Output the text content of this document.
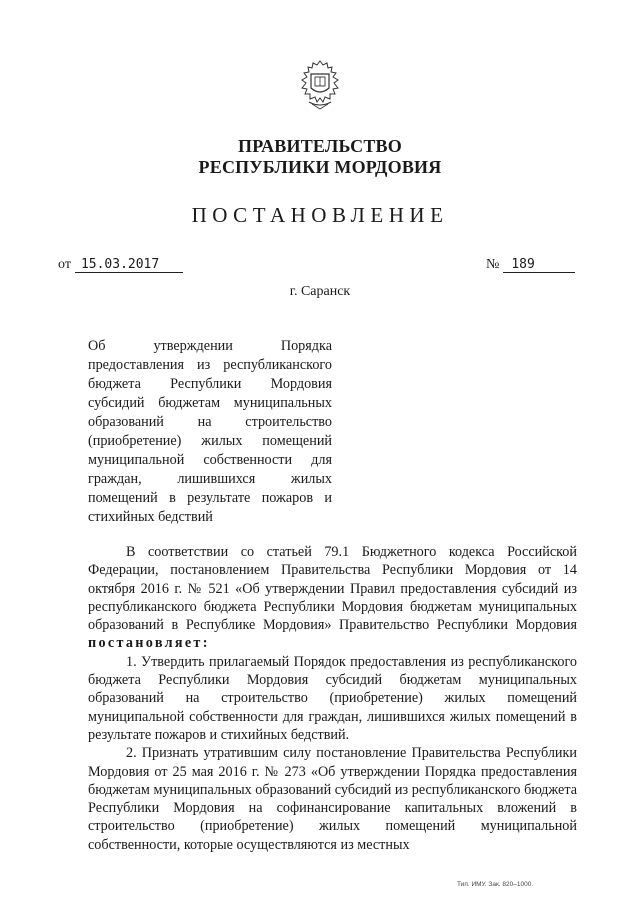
ПРАВИТЕЛЬСТВО
РЕСПУБЛИКИ МОРДОВИЯ
ПОСТАНОВЛЕНИЕ
от 15.03.2017	№ 189
г. Саранск
Об утверждении Порядка предоставления из республиканского бюджета Республики Мордовия субсидий бюджетам муниципальных образований на строительство (приобретение) жилых помещений муниципальной собственности для граждан, лишившихся жилых помещений в результате пожаров и стихийных бедствий

В соответствии со статьей 79.1 Бюджетного кодекса Российской Федерации, постановлением Правительства Республики Мордовия от 14 октября 2016 г. № 521 «Об утверждении Правил предоставления субсидий из республиканского бюджета Республики Мордовия бюджетам муниципальных образований в Республике Мордовия» Правительство Республики Мордовия постановляет:

1. Утвердить прилагаемый Порядок предоставления из республиканского бюджета Республики Мордовия субсидий бюджетам муниципальных образований на строительство (приобретение) жилых помещений муниципальной собственности для граждан, лишившихся жилых помещений в результате пожаров и стихийных бедствий.

2. Признать утратившим силу постановление Правительства Республики Мордовия от 25 мая 2016 г. № 273 «Об утверждении Порядка предоставления бюджетам муниципальных образований субсидий из республиканского бюджета Республики Мордовия на софинансирование капитальных вложений в строительство (приобретение) жилых помещений муниципальной собственности, которые осуществляются из местных

Тип. ИМУ. Зак. 820–1000.
